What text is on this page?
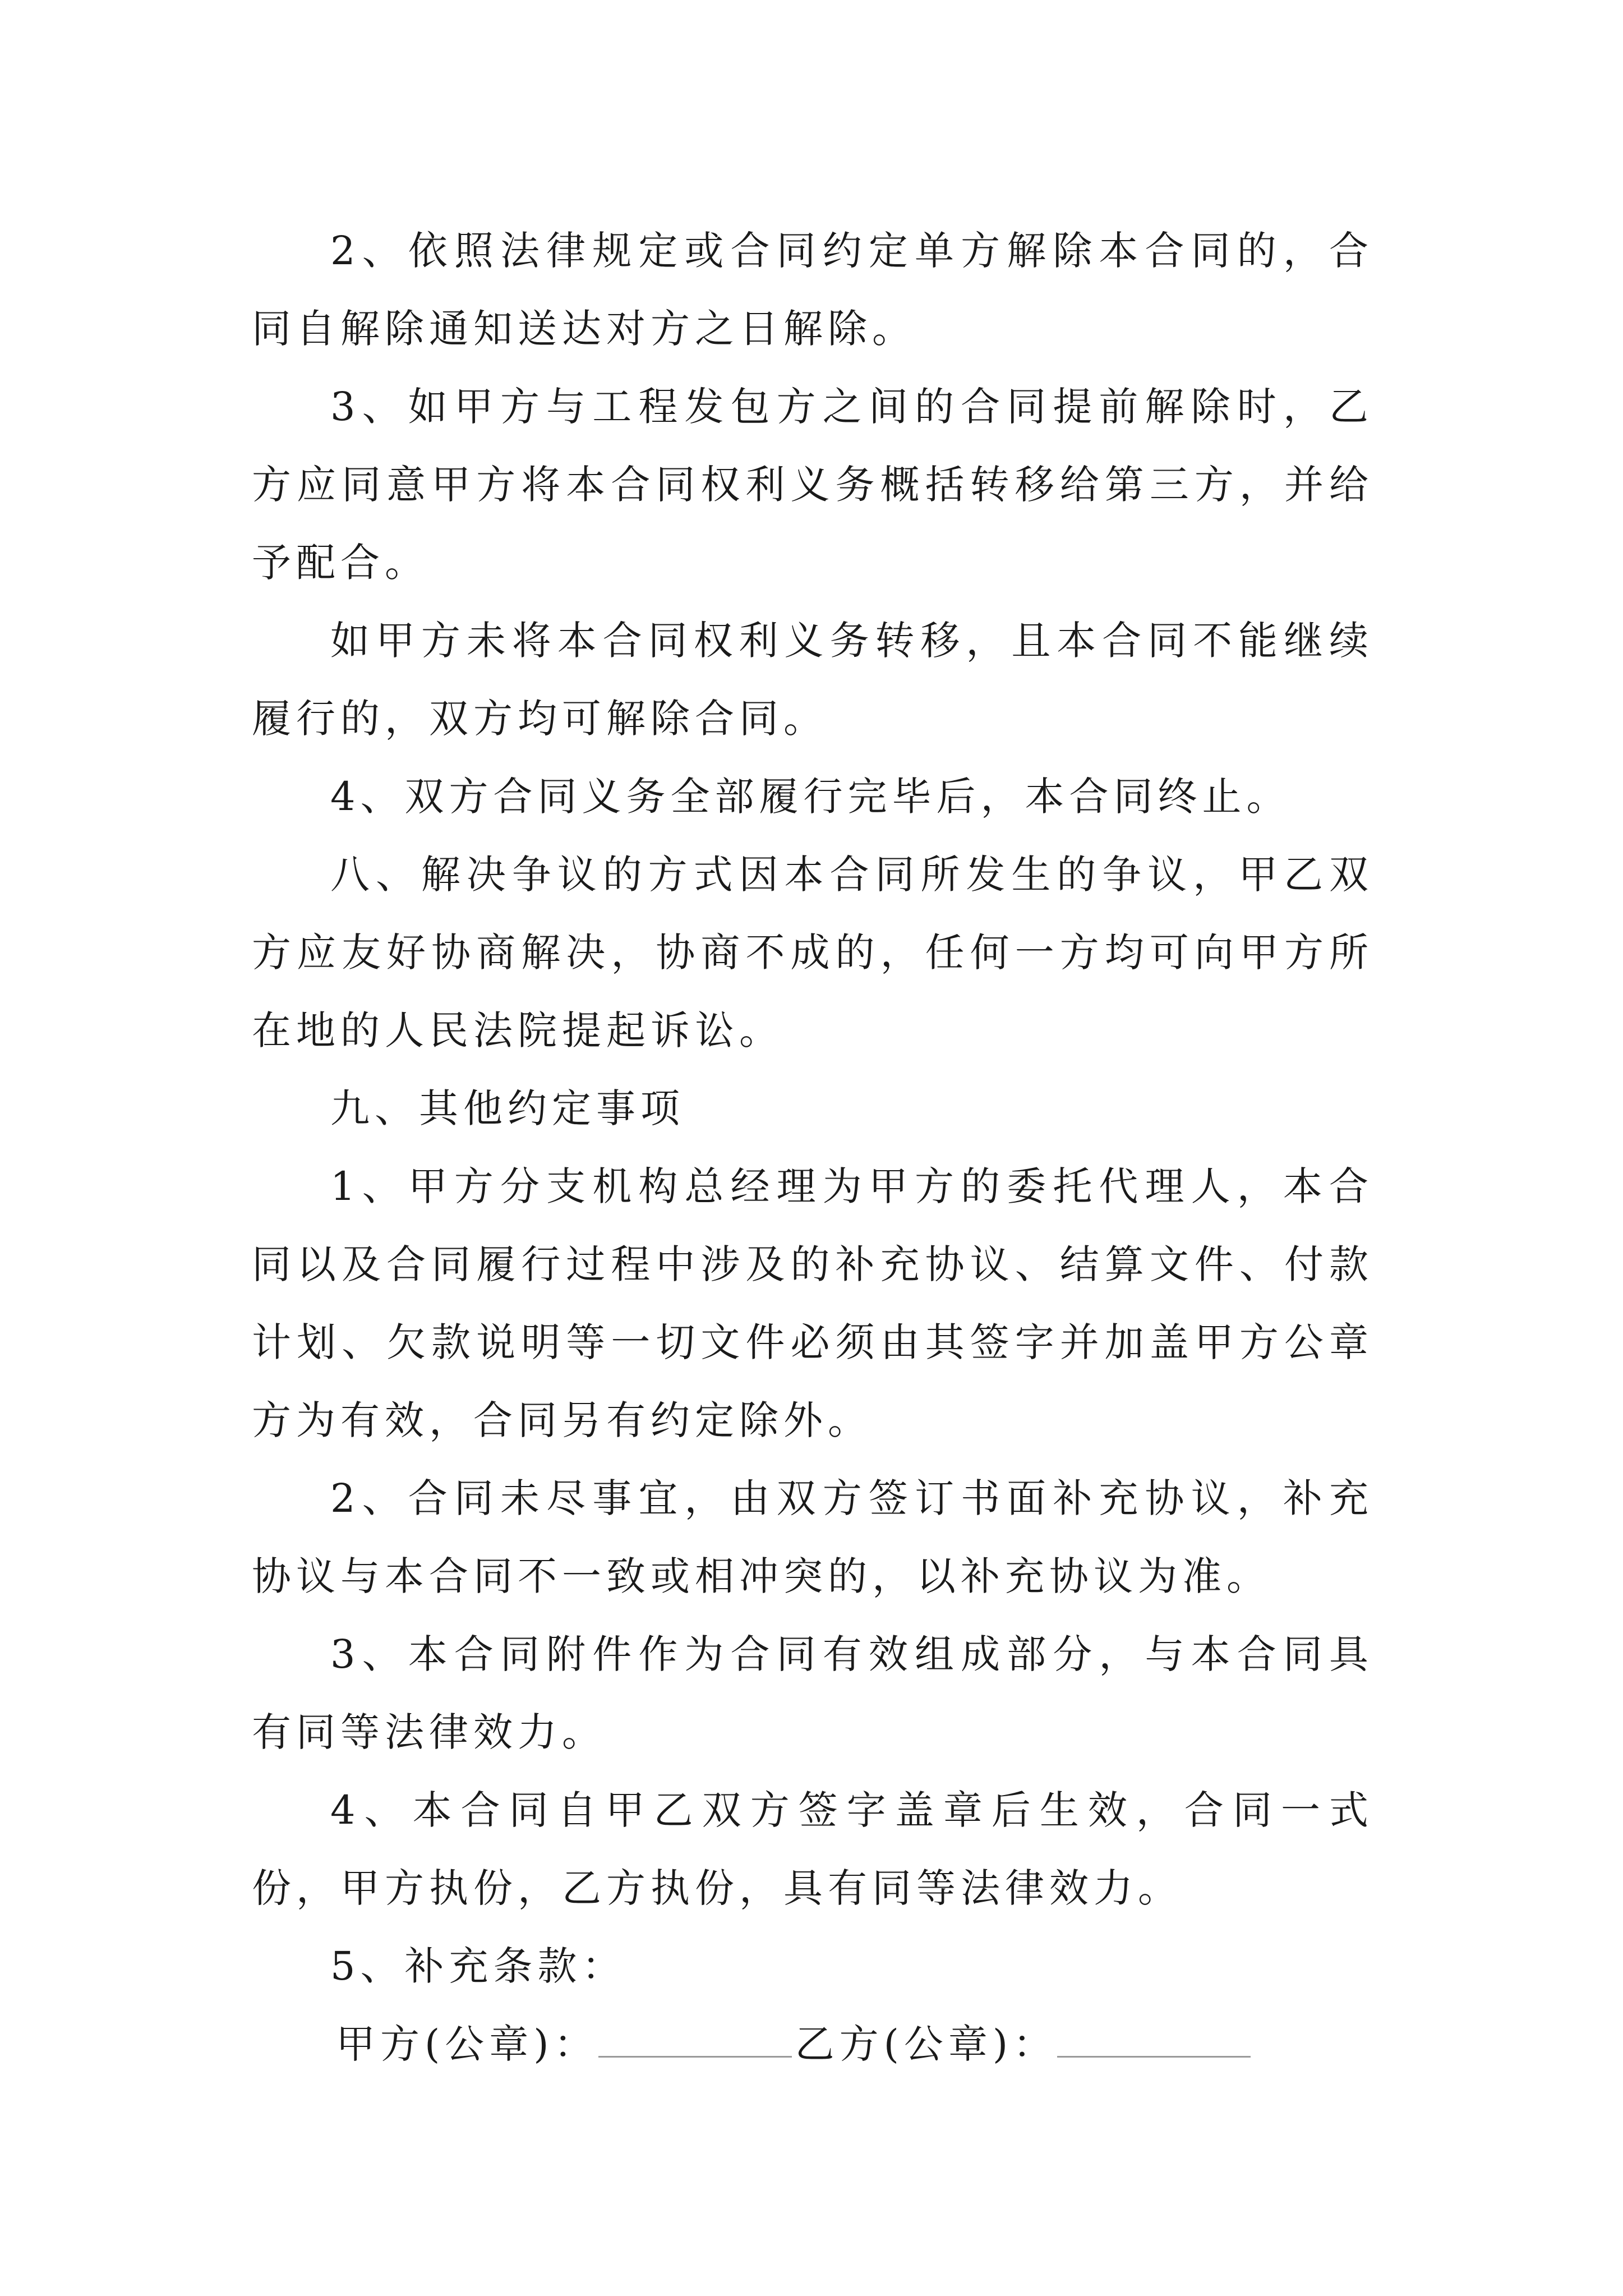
2、依照法律规定或合同约定单方解除本合同的，合同自解除通知送达对方之日解除。

3、如甲方与工程发包方之间的合同提前解除时，乙方应同意甲方将本合同权利义务概括转移给第三方，并给予配合。

如甲方未将本合同权利义务转移，且本合同不能继续履行的，双方均可解除合同。

4、双方合同义务全部履行完毕后，本合同终止。

八、解决争议的方式因本合同所发生的争议，甲乙双方应友好协商解决，协商不成的，任何一方均可向甲方所在地的人民法院提起诉讼。

九、其他约定事项

1、甲方分支机构总经理为甲方的委托代理人，本合同以及合同履行过程中涉及的补充协议、结算文件、付款计划、欠款说明等一切文件必须由其签字并加盖甲方公章方为有效，合同另有约定除外。

2、合同未尽事宜，由双方签订书面补充协议，补充协议与本合同不一致或相冲突的，以补充协议为准。

3、本合同附件作为合同有效组成部分，与本合同具有同等法律效力。

4、本合同自甲乙双方签字盖章后生效，合同一式份，甲方执份，乙方执份，具有同等法律效力。

5、补充条款：

甲方(公章)：	乙方(公章)：
